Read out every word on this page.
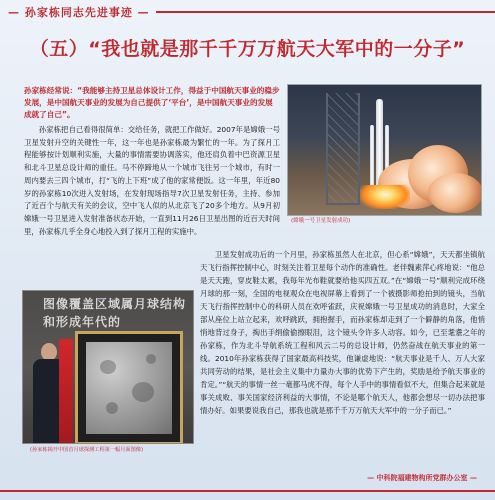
— 孙家栋同志先进事迹 —
（五）“我也就是那千千万万航天大军中的一分子”
孙家栋经常说：“我能够主持卫星总体设计工作，得益于中国航天事业的稳步发展，是中国航天事业的发展为自己提供了‘平台’，是中国航天事业的发展成就了自己”。
孙家栋把自己看得很简单：交给任务，就把工作做好。2007年是嫦娥一号卫星发射升空的关键性一年，这一年也是孙家栋最为繁忙的一年。为了探月工程能够按计划顺利实施，大量的事情需要协调落实，他还肩负着中巴资源卫星和北斗卫星总设计师的重任。马不停蹄地从一个城市飞往另一个城市，有时一周内要去三四个城市，打“飞的上下班”成了他的家常便饭。这一年里，年近80岁的孙家栋10次进入发射场，在发射现场指导7次卫星发射任务，主持、参加了近百个与航天有关的会议，空中飞人似的从北京飞了20多个地方。从9月初嫦娥一号卫星进入发射准备状态开始，一直到11月26日卫星出图的近百天时间里，孙家栋几乎全身心地投入到了探月工程的实施中。
(嫦娥一号卫星发射成功)
卫星发射成功后的一个月里，孙家栋虽然人在北京，但心系“嫦娥”，天天都坐镇航天飞行指挥控制中心，时刻关注着卫星每个动作的准确性。老伴魏素萍心疼地说：“他总是天天跑，穿皮鞋太累，我每年光布鞋就要给他买四五双。”在“嫦娥一号”顺利完成环绕月球的那一刻，全国的电视观众在电视屏幕上看到了一个被摄影师抢拍到的镜头，当航天飞行指挥控制中心的科研人员在欢呼雀跃，庆祝嫦娥一号卫星成功的消息时，大家全部从座位上站立起来，欢呼跳跃，拥抱握手，而孙家栋却走到了一个僻静的角落，他悄悄地背过身子，掏出手绢偷偷擦眼泪，这个镜头令许多人动容。如今，已至耄耋之年的孙家栋，作为北斗导航系统工程和风云二号的总设计师，仍然奋战在航天事业的第一线。2010年孙家栋获得了国家最高科技奖，他谦虚地说：“航天事业是千人、万人大家共同劳动的结果，是社会主义集中力量办大事的优势下产生的，奖励是给予航天事业的肯定。”“航天的事情一丝一毫都马虎不得，每个人手中的事情看似不大，但集合起来就是事关成败、事关国家经济利益的大事情，不论是哪个航天人，他都会想尽一切办法把事情办好。如果要说我自己，那我也就是那千千万万航天大军中的一分子而已。”
图像覆盖区域属月球结构和形成年代的
(孙家栋揭开中国首月球探测工程第一幅月面图像)
— 中科院福建物构所党群办公室 —
